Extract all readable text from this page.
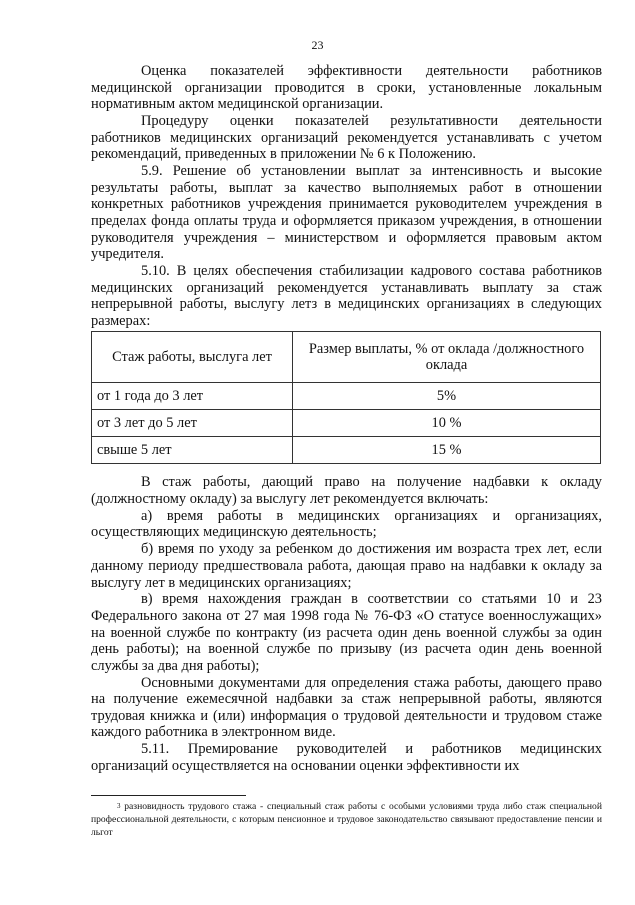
23

Оценка показателей эффективности деятельности работников медицинской организации проводится в сроки, установленные локальным нормативным актом медицинской организации.

Процедуру оценки показателей результативности деятельности работников медицинских организаций рекомендуется устанавливать с учетом рекомендаций, приведенных в приложении № 6 к Положению.

5.9. Решение об установлении выплат за интенсивность и высокие результаты работы, выплат за качество выполняемых работ в отношении конкретных работников учреждения принимается руководителем учреждения в пределах фонда оплаты труда и оформляется приказом учреждения, в отношении руководителя учреждения – министерством и оформляется правовым актом учредителя.

5.10. В целях обеспечения стабилизации кадрового состава работников медицинских организаций рекомендуется устанавливать выплату за стаж непрерывной работы, выслугу летз в медицинских организациях в следующих размерах:

Стаж работы, выслуга лет	Размер выплаты, % от оклада /должностного оклада
от 1 года до 3 лет	5%
от 3 лет до 5 лет	10 %
свыше 5 лет	15 %

В стаж работы, дающий право на получение надбавки к окладу (должностному окладу) за выслугу лет рекомендуется включать:

а) время работы в медицинских организациях и организациях, осуществляющих медицинскую деятельность;

б) время по уходу за ребенком до достижения им возраста трех лет, если данному периоду предшествовала работа, дающая право на надбавки к окладу за выслугу лет в медицинских организациях;

в) время нахождения граждан в соответствии со статьями 10 и 23 Федерального закона от 27 мая 1998 года № 76-ФЗ «О статусе военнослужащих» на военной службе по контракту (из расчета один день военной службы за один день работы); на военной службе по призыву (из расчета один день военной службы за два дня работы);

Основными документами для определения стажа работы, дающего право на получение ежемесячной надбавки за стаж непрерывной работы, являются трудовая книжка и (или) информация о трудовой деятельности и трудовом стаже каждого работника в электронном виде.

5.11. Премирование руководителей и работников медицинских организаций осуществляется на основании оценки эффективности их

$^3$ разновидность трудового стажа - специальный стаж работы с особыми условиями труда либо стаж специальной профессиональной деятельности, с которым пенсионное и трудовое законодательство связывают предоставление пенсии и льгот
